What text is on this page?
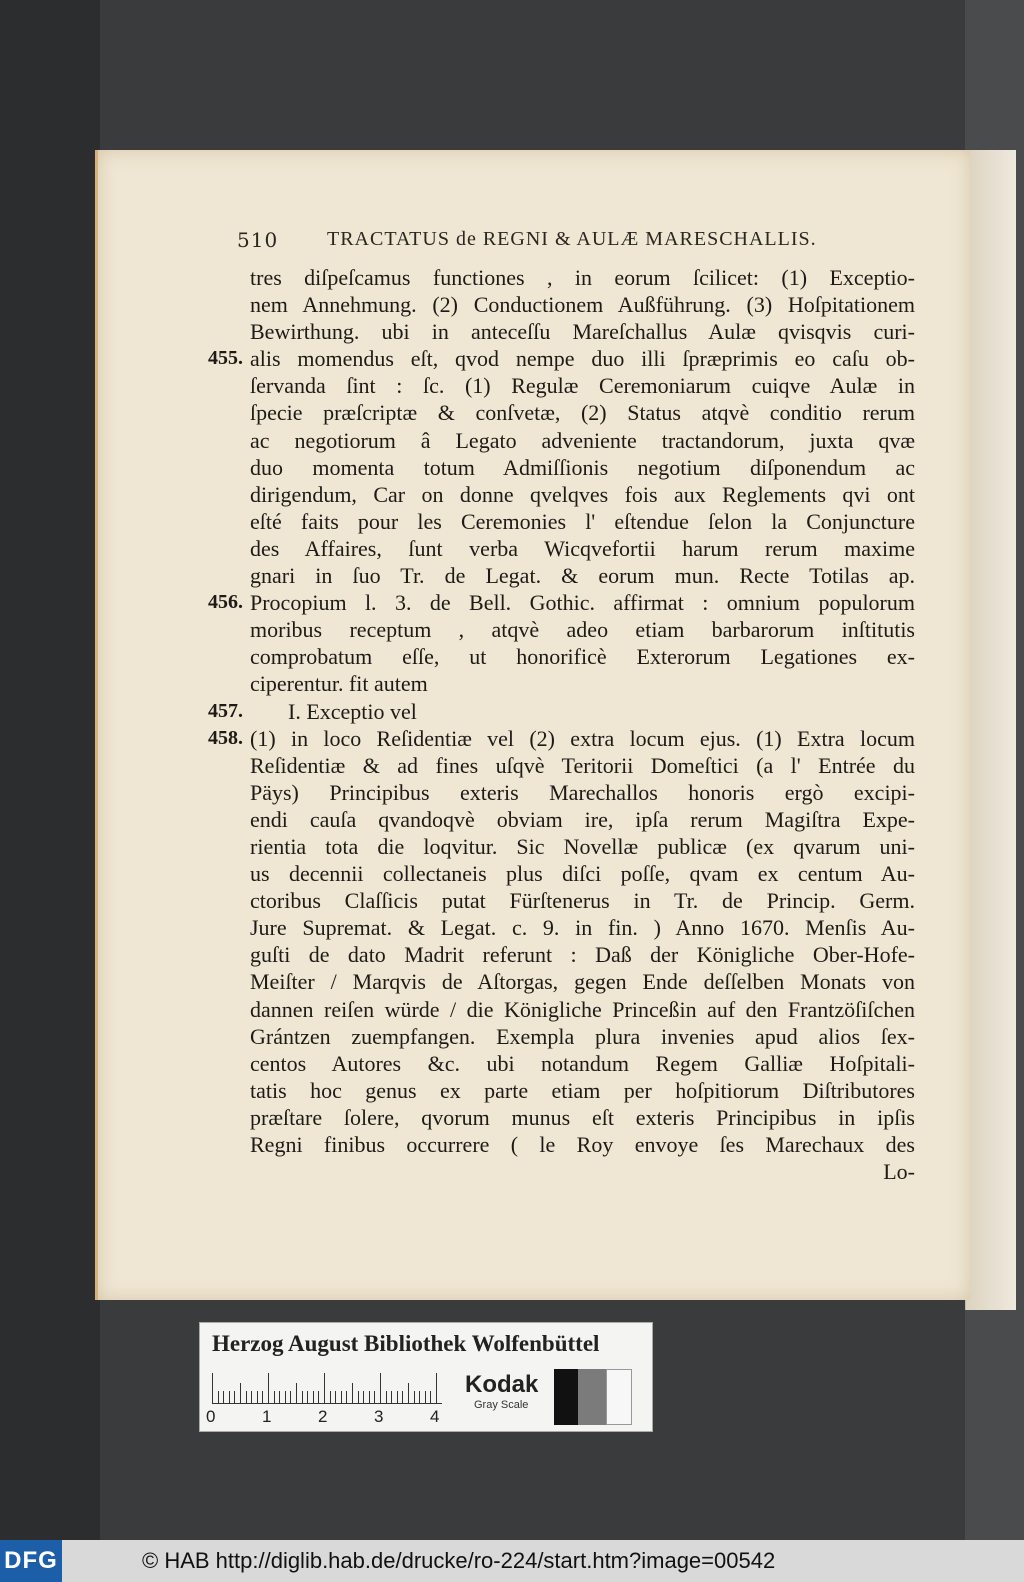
510 TRACTATUS de REGNI & AULÆ MARESCHALLIS.
455.
456.
457.
458.
tres diſpeſcamus functiones , in eorum ſcilicet: (1) Exceptio-
nem Annehmung. (2) Conductionem Außführung. (3) Hoſpitationem
Bewirthung. ubi in anteceſſu Mareſchallus Aulæ qvisqvis curi-
alis momendus eſt, qvod nempe duo illi ſpræprimis eo caſu ob-
ſervanda ſint : ſc. (1) Regulæ Ceremoniarum cuiqve Aulæ in
ſpecie præſcriptæ & conſvetæ, (2) Status atqvè conditio rerum
ac negotiorum â Legato adveniente tractandorum, juxta qvæ
duo momenta totum Admiſſionis negotium diſponendum ac
dirigendum, Car on donne qvelqves fois aux Reglements qvi ont
eſté faits pour les Ceremonies l' eſtendue ſelon la Conjuncture
des Affaires, ſunt verba Wicqvefortii harum rerum maxime
gnari in ſuo Tr. de Legat. & eorum mun. Recte Totilas ap.
Procopium l. 3. de Bell. Gothic. affirmat : omnium populorum
moribus receptum , atqvè adeo etiam barbarorum inſtitutis
comprobatum eſſe, ut honorificè Exterorum Legationes ex-
ciperentur. fit autem
I. Exceptio vel
(1) in loco Reſidentiæ vel (2) extra locum ejus. (1) Extra locum
Reſidentiæ & ad fines uſqvè Teritorii Domeſtici (a l' Entrée du
Päys) Principibus exteris Marechallos honoris ergò excipi-
endi cauſa qvandoqvè obviam ire, ipſa rerum Magiſtra Expe-
rientia tota die loqvitur. Sic Novellæ publicæ (ex qvarum uni-
us decennii collectaneis plus diſci poſſe, qvam ex centum Au-
ctoribus Claſſicis putat Fürſtenerus in Tr. de Princip. Germ.
Jure Supremat. & Legat. c. 9. in fin. ) Anno 1670. Menſis Au-
guſti de dato Madrit referunt : Daß der Königliche Ober-Hofe-
Meiſter / Marqvis de Aſtorgas, gegen Ende deſſelben Monats von
dannen reiſen würde / die Königliche Princeßin auf den Frantzöſiſchen
Grántzen zuempfangen. Exempla plura invenies apud alios ſex-
centos Autores &c. ubi notandum Regem Galliæ Hoſpitali-
tatis hoc genus ex parte etiam per hoſpitiorum Diſtributores
præſtare ſolere, qvorum munus eſt exteris Principibus in ipſis
Regni finibus occurrere ( le Roy envoye ſes Marechaux des
Lo-
Herzog August Bibliothek Wolfenbüttel
0	1	2	3	4
Kodak
Gray Scale
DFG	© HAB http://diglib.hab.de/drucke/ro-224/start.htm?image=00542
